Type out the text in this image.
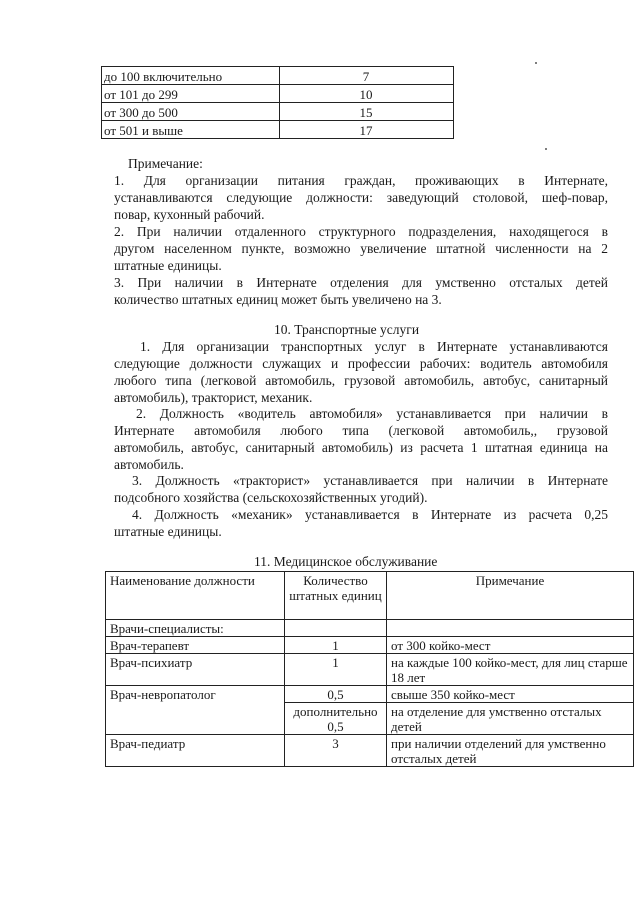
до 100 включительно	7
от 101 до 299	10
от 300 до 500	15
от 501 и выше	17
Примечание:
1. Для организации питания граждан, проживающих в Интернате,
устанавливаются следующие должности: заведующий столовой, шеф-повар,
повар, кухонный рабочий.
2. При наличии отдаленного структурного подразделения, находящегося в
другом населенном пункте, возможно увеличение штатной численности на 2
штатные единицы.
3. При наличии в Интернате отделения для умственно отсталых детей
количество штатных единиц может быть увеличено на 3.
10. Транспортные услуги
1. Для организации транспортных услуг в Интернате устанавливаются
следующие должности служащих и профессии рабочих: водитель автомобиля
любого типа (легковой автомобиль, грузовой автомобиль, автобус, санитарный
автомобиль), тракторист, механик.
2. Должность «водитель автомобиля» устанавливается при наличии в
Интернате автомобиля любого типа (легковой автомобиль,, грузовой
автомобиль, автобус, санитарный автомобиль) из расчета 1 штатная единица на
автомобиль.
3. Должность «тракторист» устанавливается при наличии в Интернате
подсобного хозяйства (сельскохозяйственных угодий).
4. Должность «механик» устанавливается в Интернате из расчета 0,25
штатные единицы.
11. Медицинское обслуживание
Наименование должности	Количество штатных единиц	Примечание
Врачи-специалисты:		
Врач-терапевт	1	от 300 койко-мест
Врач-психиатр	1	на каждые 100 койко-мест, для лиц старше 18 лет
Врач-невропатолог	0,5	свыше 350 койко-мест
	дополнительно 0,5	на отделение для умственно отсталых детей
Врач-педиатр	3	при наличии отделений для умственно отсталых детей
